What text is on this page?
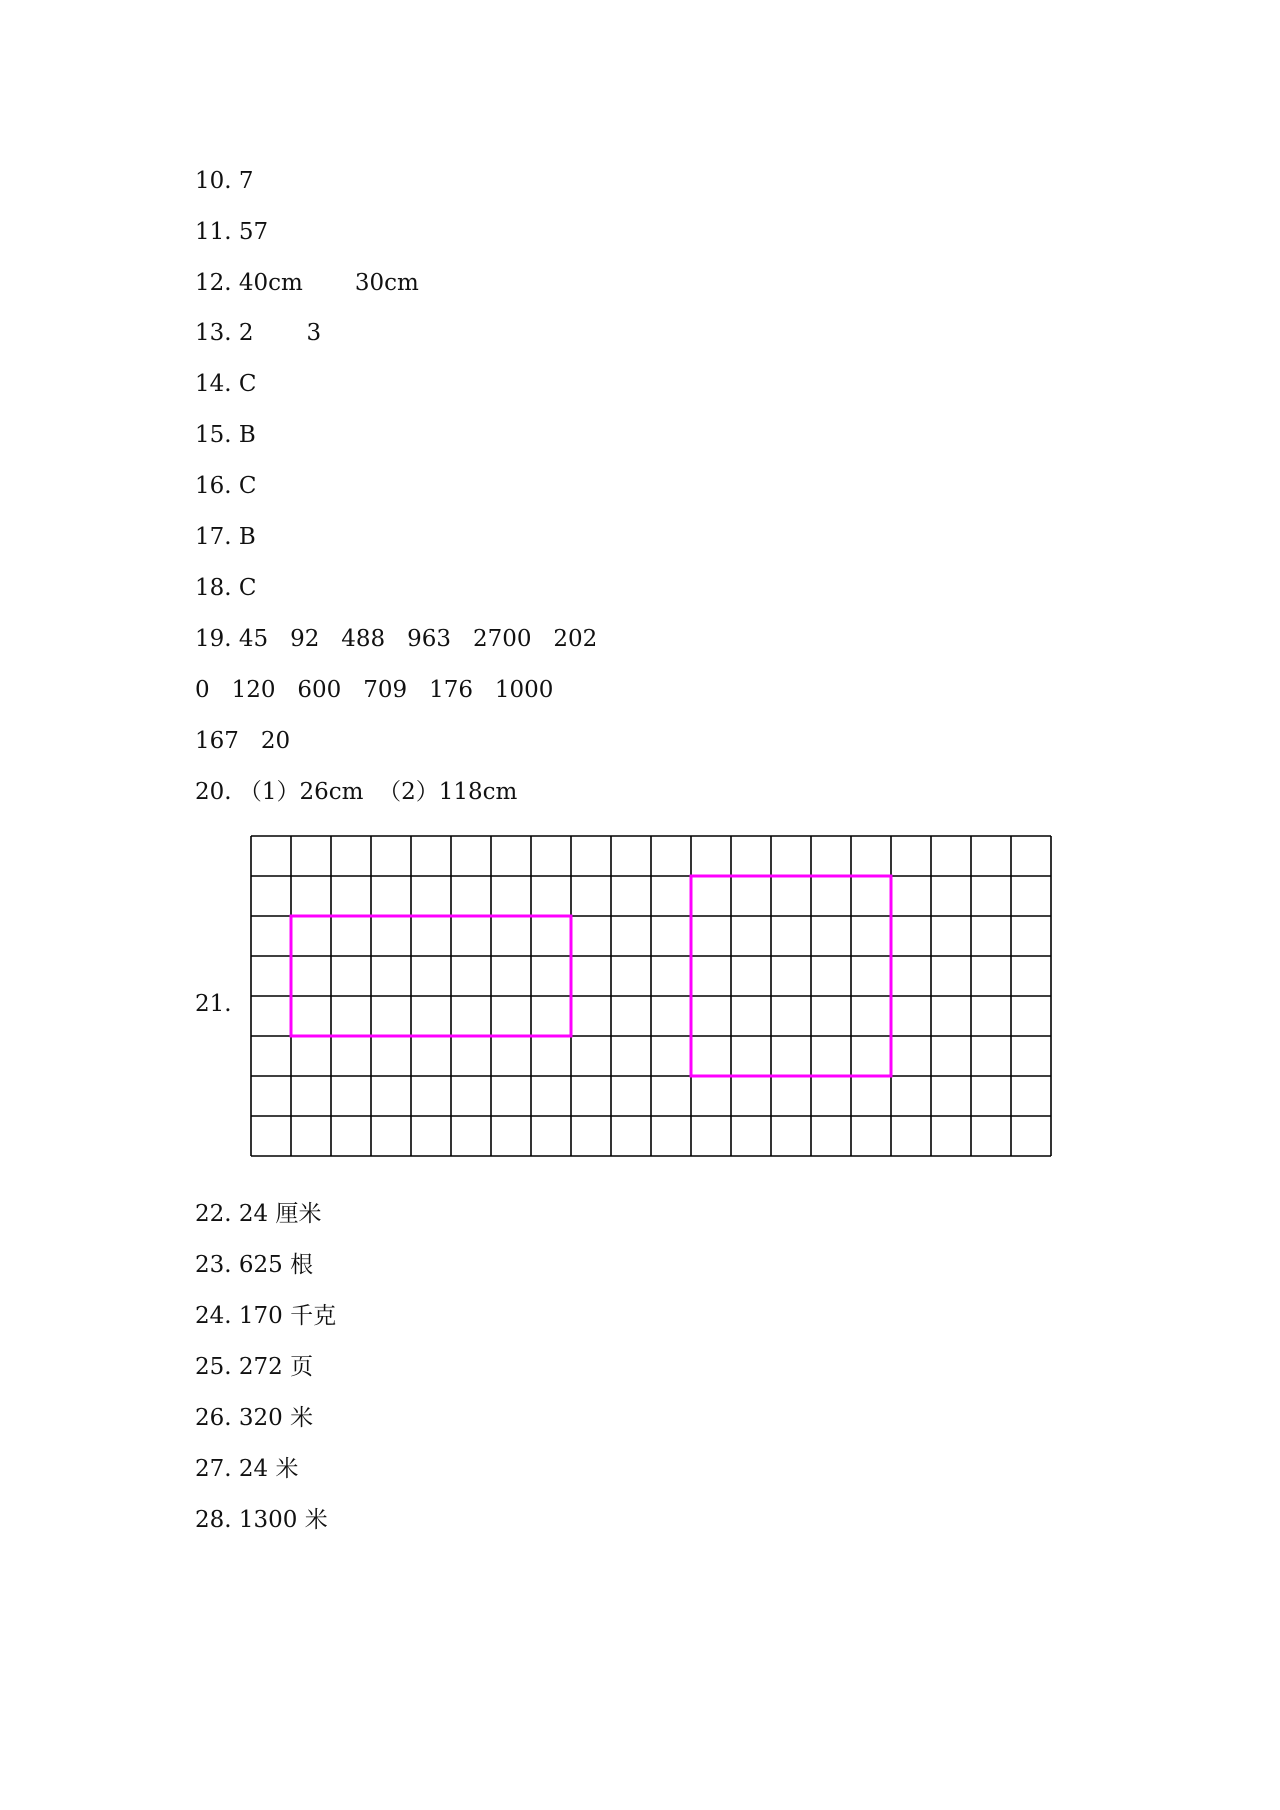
10. 7
11. 57
12. 40cm 30cm
13. 2 3
14. C
15. B
16. C
17. B
18. C
19. 45   92   488   963   2700   202
0   120   600   709   176   1000
167   20
20. （1）26cm  （2）118cm
21.
22. 24 厘米
23. 625 根
24. 170 千克
25. 272 页
26. 320 米
27. 24 米
28. 1300 米
